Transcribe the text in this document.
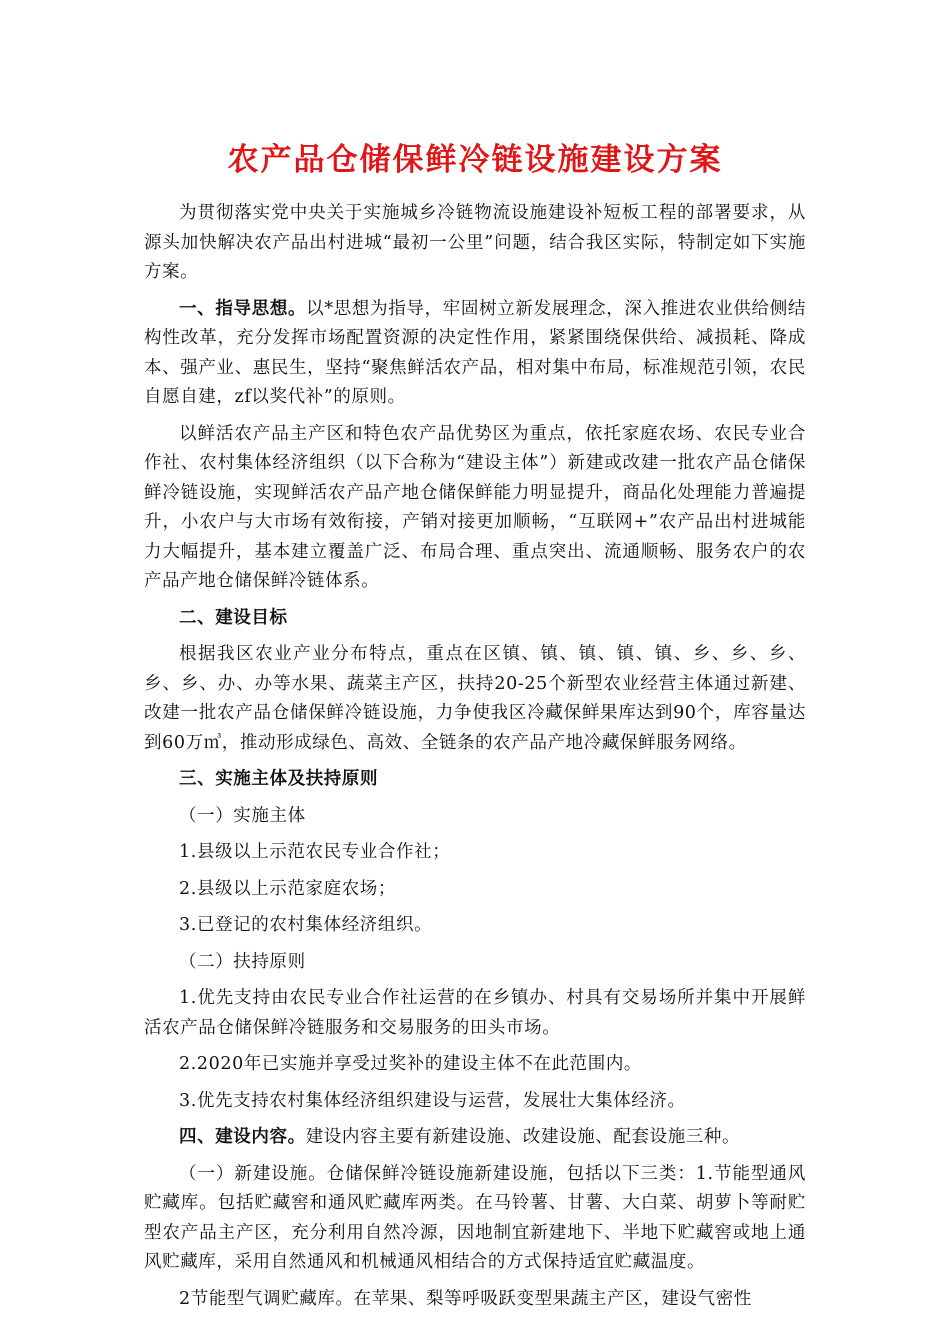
农产品仓储保鲜冷链设施建设方案

为贯彻落实党中央关于实施城乡冷链物流设施建设补短板工程的部署要求，从源头加快解决农产品出村进城“最初一公里”问题，结合我区实际，特制定如下实施方案。

一、指导思想。以*思想为指导，牢固树立新发展理念，深入推进农业供给侧结构性改革，充分发挥市场配置资源的决定性作用，紧紧围绕保供给、减损耗、降成本、强产业、惠民生，坚持“聚焦鲜活农产品，相对集中布局，标准规范引领，农民自愿自建，zf以奖代补”的原则。

以鲜活农产品主产区和特色农产品优势区为重点，依托家庭农场、农民专业合作社、农村集体经济组织（以下合称为“建设主体”）新建或改建一批农产品仓储保鲜冷链设施，实现鲜活农产品产地仓储保鲜能力明显提升，商品化处理能力普遍提升，小农户与大市场有效衔接，产销对接更加顺畅，“互联网+”农产品出村进城能力大幅提升，基本建立覆盖广泛、布局合理、重点突出、流通顺畅、服务农户的农产品产地仓储保鲜冷链体系。

二、建设目标

根据我区农业产业分布特点，重点在区镇、镇、镇、镇、镇、乡、乡、乡、乡、乡、办、办等水果、蔬菜主产区，扶持20-25个新型农业经营主体通过新建、改建一批农产品仓储保鲜冷链设施，力争使我区冷藏保鲜果库达到90个，库容量达到60万㎥，推动形成绿色、高效、全链条的农产品产地冷藏保鲜服务网络。

三、实施主体及扶持原则

（一）实施主体

1.县级以上示范农民专业合作社；

2.县级以上示范家庭农场；

3.已登记的农村集体经济组织。

（二）扶持原则

1.优先支持由农民专业合作社运营的在乡镇办、村具有交易场所并集中开展鲜活农产品仓储保鲜冷链服务和交易服务的田头市场。

2.2020年已实施并享受过奖补的建设主体不在此范围内。

3.优先支持农村集体经济组织建设与运营，发展壮大集体经济。

四、建设内容。建设内容主要有新建设施、改建设施、配套设施三种。

（一）新建设施。仓储保鲜冷链设施新建设施，包括以下三类：1.节能型通风贮藏库。包括贮藏窖和通风贮藏库两类。在马铃薯、甘薯、大白菜、胡萝卜等耐贮型农产品主产区，充分利用自然冷源，因地制宜新建地下、半地下贮藏窖或地上通风贮藏库，采用自然通风和机械通风相结合的方式保持适宜贮藏温度。

2节能型气调贮藏库。在苹果、梨等呼吸跃变型果蔬主产区，建设气密性
